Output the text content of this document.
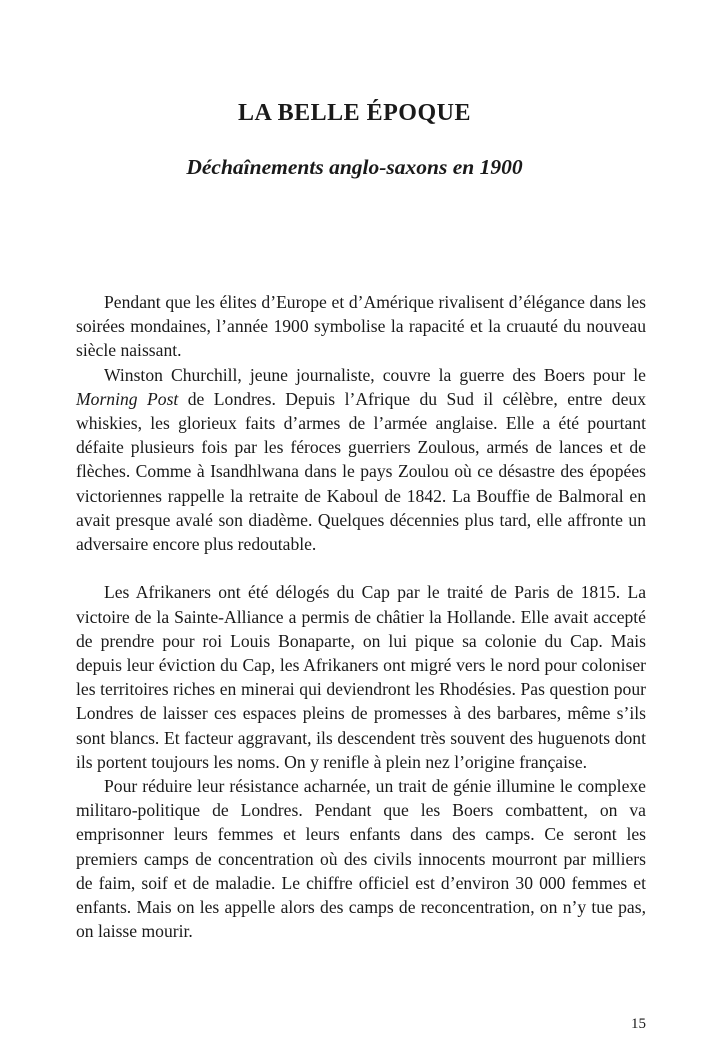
LA BELLE ÉPOQUE
Déchaînements anglo-saxons en 1900

Pendant que les élites d’Europe et d’Amérique rivalisent d’élégance dans les soirées mondaines, l’année 1900 symbolise la rapacité et la cruauté du nouveau siècle naissant.

Winston Churchill, jeune journaliste, couvre la guerre des Boers pour le Morning Post de Londres. Depuis l’Afrique du Sud il célèbre, entre deux whiskies, les glorieux faits d’armes de l’armée anglaise. Elle a été pourtant défaite plusieurs fois par les féroces guerriers Zoulous, armés de lances et de flèches. Comme à Isandhlwana dans le pays Zoulou où ce désastre des épopées victoriennes rappelle la retraite de Kaboul de 1842. La Bouffie de Balmoral en avait presque avalé son diadème. Quelques décennies plus tard, elle affronte un adversaire encore plus redoutable.

Les Afrikaners ont été délogés du Cap par le traité de Paris de 1815. La victoire de la Sainte-Alliance a permis de châtier la Hollande. Elle avait accepté de prendre pour roi Louis Bonaparte, on lui pique sa colonie du Cap. Mais depuis leur éviction du Cap, les Afrikaners ont migré vers le nord pour coloniser les territoires riches en minerai qui deviendront les Rhodésies. Pas question pour Londres de laisser ces espaces pleins de promesses à des barbares, même s’ils sont blancs. Et facteur aggravant, ils descendent très souvent des huguenots dont ils portent toujours les noms. On y renifle à plein nez l’origine française.

Pour réduire leur résistance acharnée, un trait de génie illumine le complexe militaro-politique de Londres. Pendant que les Boers combattent, on va emprisonner leurs femmes et leurs enfants dans des camps. Ce seront les premiers camps de concentration où des civils innocents mourront par milliers de faim, soif et de maladie. Le chiffre officiel est d’environ 30 000 femmes et enfants. Mais on les appelle alors des camps de reconcentration, on n’y tue pas, on laisse mourir.

15
